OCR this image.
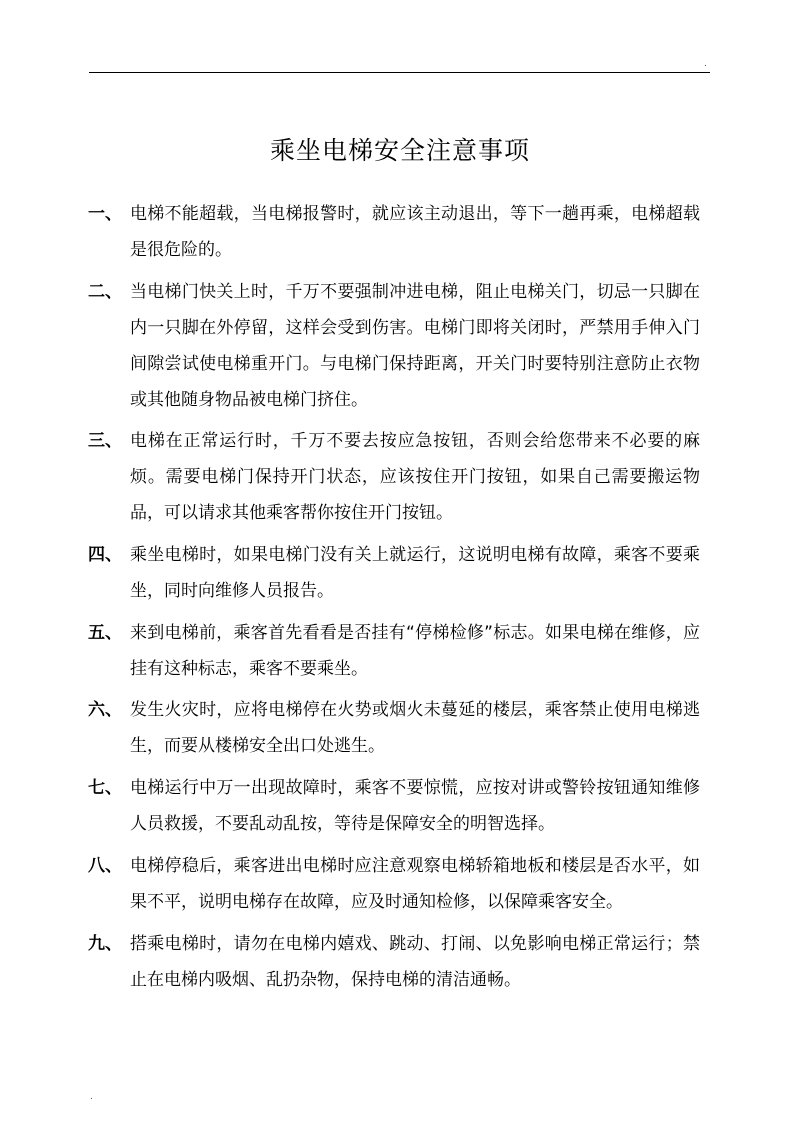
.
乘坐电梯安全注意事项
一、 电梯不能超载，当电梯报警时，就应该主动退出，等下一趟再乘，电梯超载是很危险的。
二、 当电梯门快关上时，千万不要强制冲进电梯，阻止电梯关门，切忌一只脚在内一只脚在外停留，这样会受到伤害。电梯门即将关闭时，严禁用手伸入门间隙尝试使电梯重开门。与电梯门保持距离，开关门时要特别注意防止衣物或其他随身物品被电梯门挤住。
三、 电梯在正常运行时，千万不要去按应急按钮，否则会给您带来不必要的麻烦。需要电梯门保持开门状态，应该按住开门按钮，如果自己需要搬运物品，可以请求其他乘客帮你按住开门按钮。
四、 乘坐电梯时，如果电梯门没有关上就运行，这说明电梯有故障，乘客不要乘坐，同时向维修人员报告。
五、 来到电梯前，乘客首先看看是否挂有“停梯检修”标志。如果电梯在维修，应挂有这种标志，乘客不要乘坐。
六、 发生火灾时，应将电梯停在火势或烟火未蔓延的楼层，乘客禁止使用电梯逃生，而要从楼梯安全出口处逃生。
七、 电梯运行中万一出现故障时，乘客不要惊慌，应按对讲或警铃按钮通知维修人员救援，不要乱动乱按，等待是保障安全的明智选择。
八、 电梯停稳后，乘客进出电梯时应注意观察电梯轿箱地板和楼层是否水平，如果不平，说明电梯存在故障，应及时通知检修，以保障乘客安全。
九、 搭乘电梯时，请勿在电梯内嬉戏、跳动、打闹、以免影响电梯正常运行；禁止在电梯内吸烟、乱扔杂物，保持电梯的清洁通畅。
.
